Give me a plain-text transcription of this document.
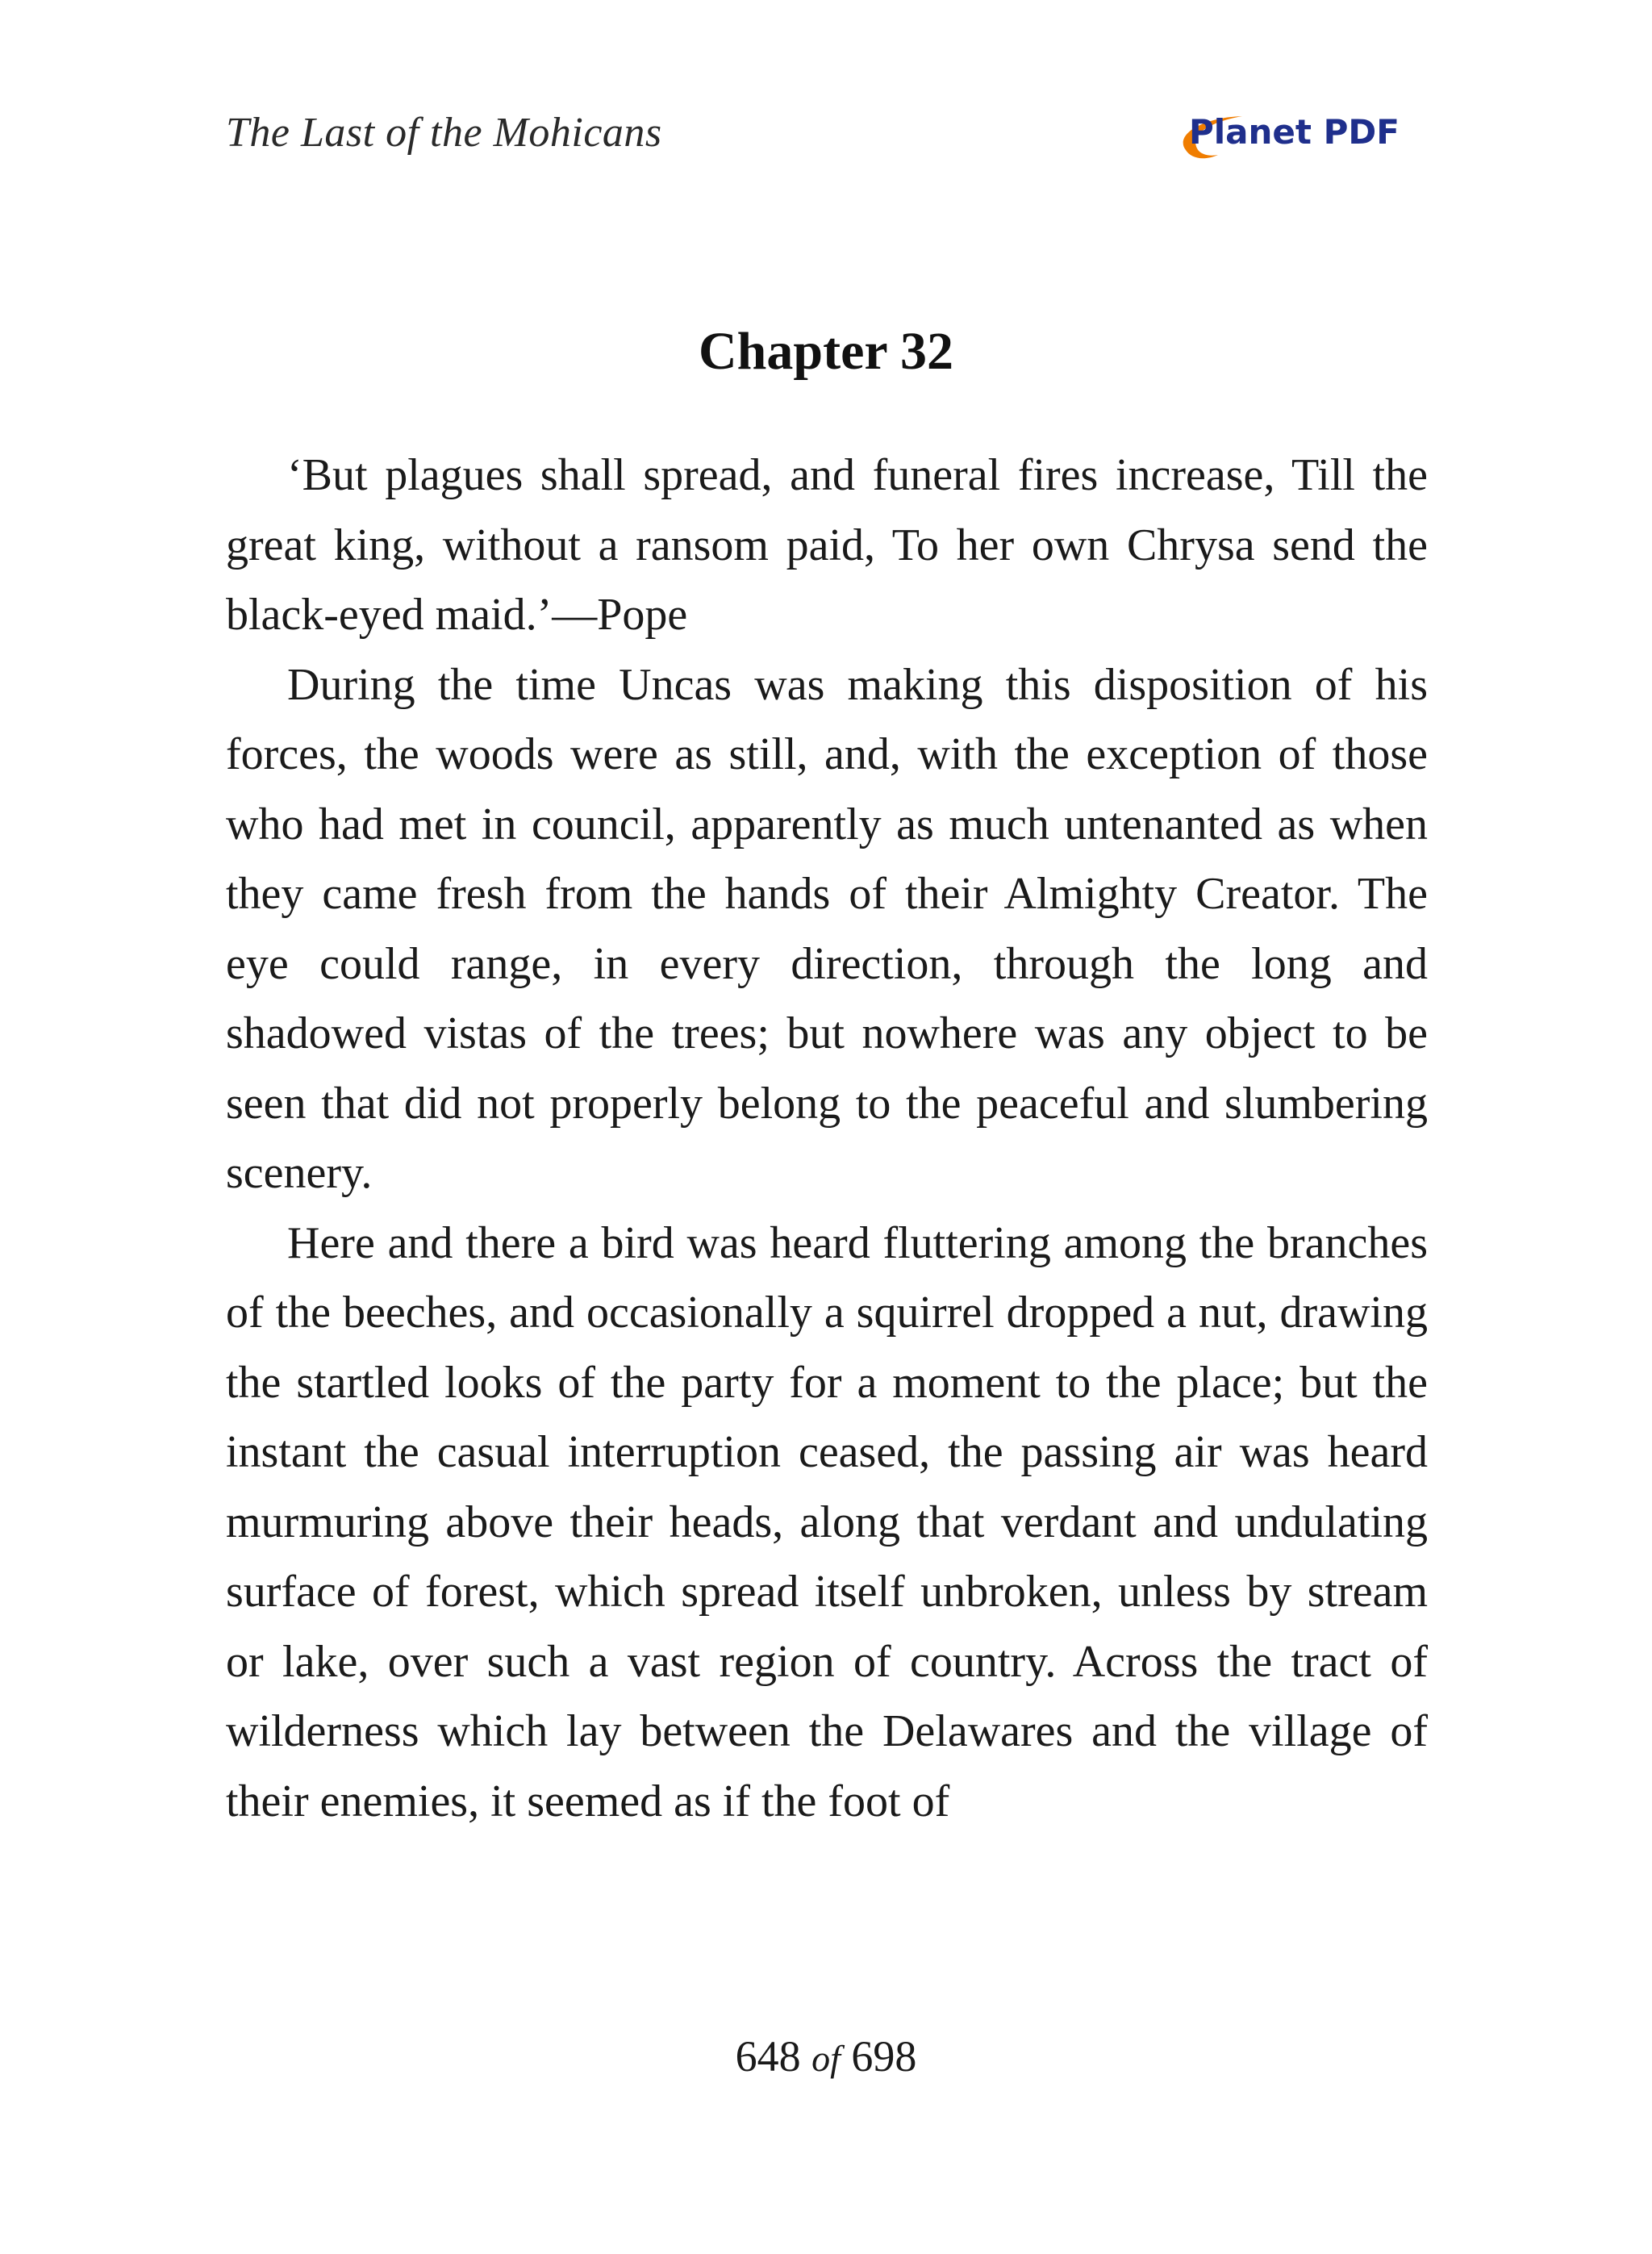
The Last of the Mohicans	Planet PDF
Chapter 32

‘But plagues shall spread, and funeral fires increase, Till the great king, without a ransom paid, To her own Chrysa send the black-eyed maid.’—Pope

During the time Uncas was making this disposition of his forces, the woods were as still, and, with the exception of those who had met in council, apparently as much untenanted as when they came fresh from the hands of their Almighty Creator. The eye could range, in every direction, through the long and shadowed vistas of the trees; but nowhere was any object to be seen that did not properly belong to the peaceful and slumbering scenery.

Here and there a bird was heard fluttering among the branches of the beeches, and occasionally a squirrel dropped a nut, drawing the startled looks of the party for a moment to the place; but the instant the casual interruption ceased, the passing air was heard murmuring above their heads, along that verdant and undulating surface of forest, which spread itself unbroken, unless by stream or lake, over such a vast region of country. Across the tract of wilderness which lay between the Delawares and the village of their enemies, it seemed as if the foot of

648 of 698
